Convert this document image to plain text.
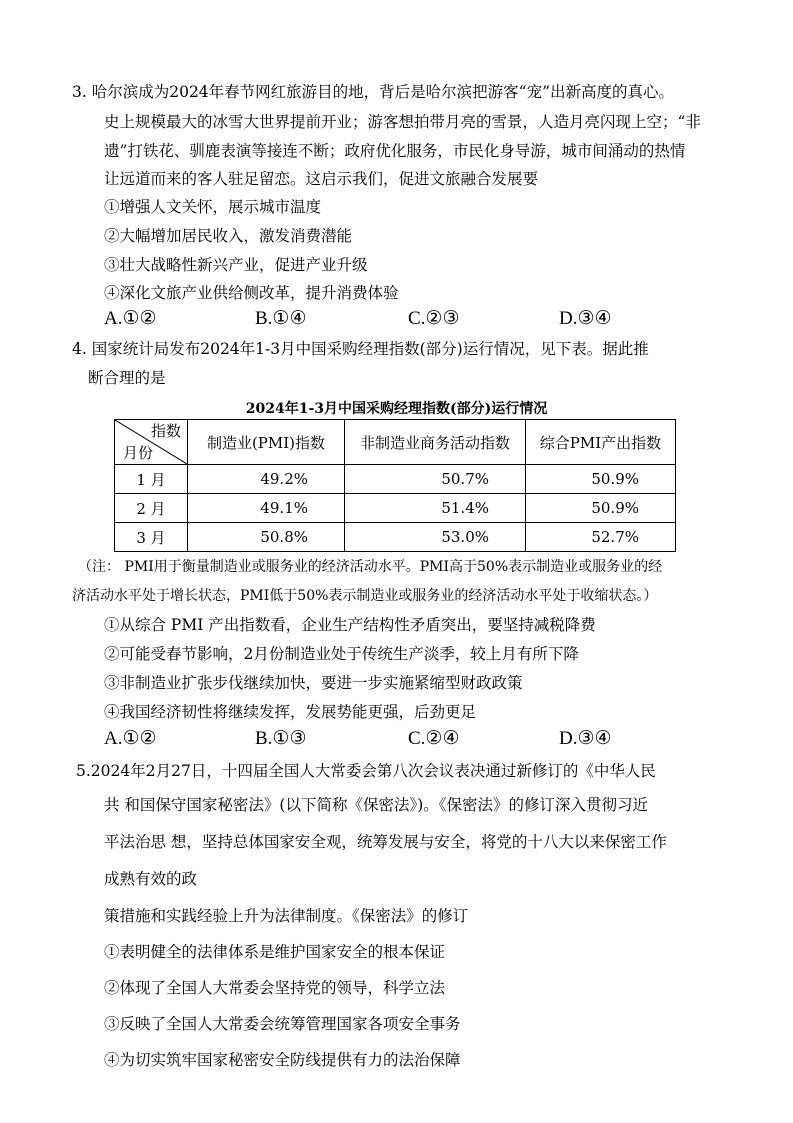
3. 哈尔滨成为2024年春节网红旅游目的地，背后是哈尔滨把游客“宠”出新高度的真心。
史上规模最大的冰雪大世界提前开业；游客想拍带月亮的雪景，人造月亮闪现上空；“非
遗”打铁花、驯鹿表演等接连不断；政府优化服务，市民化身导游，城市间涌动的热情
让远道而来的客人驻足留恋。这启示我们，促进文旅融合发展要
①增强人文关怀，展示城市温度
②大幅增加居民收入，激发消费潜能
③壮大战略性新兴产业，促进产业升级
④深化文旅产业供给侧改革，提升消费体验
A.①②	B.①④	C.②③	D.③④
4. 国家统计局发布2024年1-3月中国采购经理指数(部分)运行情况，见下表。据此推
断合理的是
2024年1-3月中国采购经理指数(部分)运行情况
指数
月份	制造业(PMI)指数	非制造业商务活动指数	综合PMI产出指数
1 月	49.2%	50.7%	50.9%
2 月	49.1%	51.4%	50.9%
3 月	50.8%	53.0%	52.7%
（注： PMI用于衡量制造业或服务业的经济活动水平。PMI高于50%表示制造业或服务业的经
济活动水平处于增长状态，PMI低于50%表示制造业或服务业的经济活动水平处于收缩状态。）
①从综合 PMI 产出指数看，企业生产结构性矛盾突出，要坚持减税降费
②可能受春节影响，2月份制造业处于传统生产淡季，较上月有所下降
③非制造业扩张步伐继续加快，要进一步实施紧缩型财政政策
④我国经济韧性将继续发挥，发展势能更强，后劲更足
A.①②	B.①③	C.②④	D.③④
5.2024年2月27日，十四届全国人大常委会第八次会议表决通过新修订的《中华人民
共 和国保守国家秘密法》(以下简称《保密法》)。《保密法》的修订深入贯彻习近
平法治思 想，坚持总体国家安全观，统筹发展与安全，将党的十八大以来保密工作
成熟有效的政
策措施和实践经验上升为法律制度。《保密法》的修订
①表明健全的法律体系是维护国家安全的根本保证
②体现了全国人大常委会坚持党的领导，科学立法
③反映了全国人大常委会统筹管理国家各项安全事务
④为切实筑牢国家秘密安全防线提供有力的法治保障
